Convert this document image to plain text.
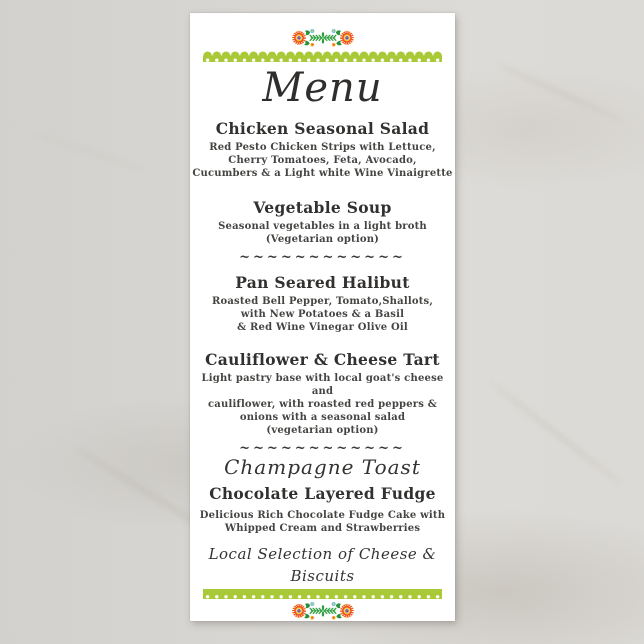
Menu
Chicken Seasonal Salad
Red Pesto Chicken Strips with Lettuce,
Cherry Tomatoes, Feta, Avocado,
Cucumbers & a Light white Wine Vinaigrette
Vegetable Soup
Seasonal vegetables in a light broth
(Vegetarian option)
~~~~~~~~~~~~
Pan Seared Halibut
Roasted Bell Pepper, Tomato,Shallots,
with New Potatoes & a Basil
& Red Wine Vinegar Olive Oil
Cauliflower & Cheese Tart
Light pastry base with local goat's cheese and
cauliflower, with roasted red peppers &
onions with a seasonal salad
(vegetarian option)
~~~~~~~~~~~~
Champagne Toast
Chocolate Layered Fudge
Delicious Rich Chocolate Fudge Cake with
Whipped Cream and Strawberries
Local Selection of Cheese & Biscuits
